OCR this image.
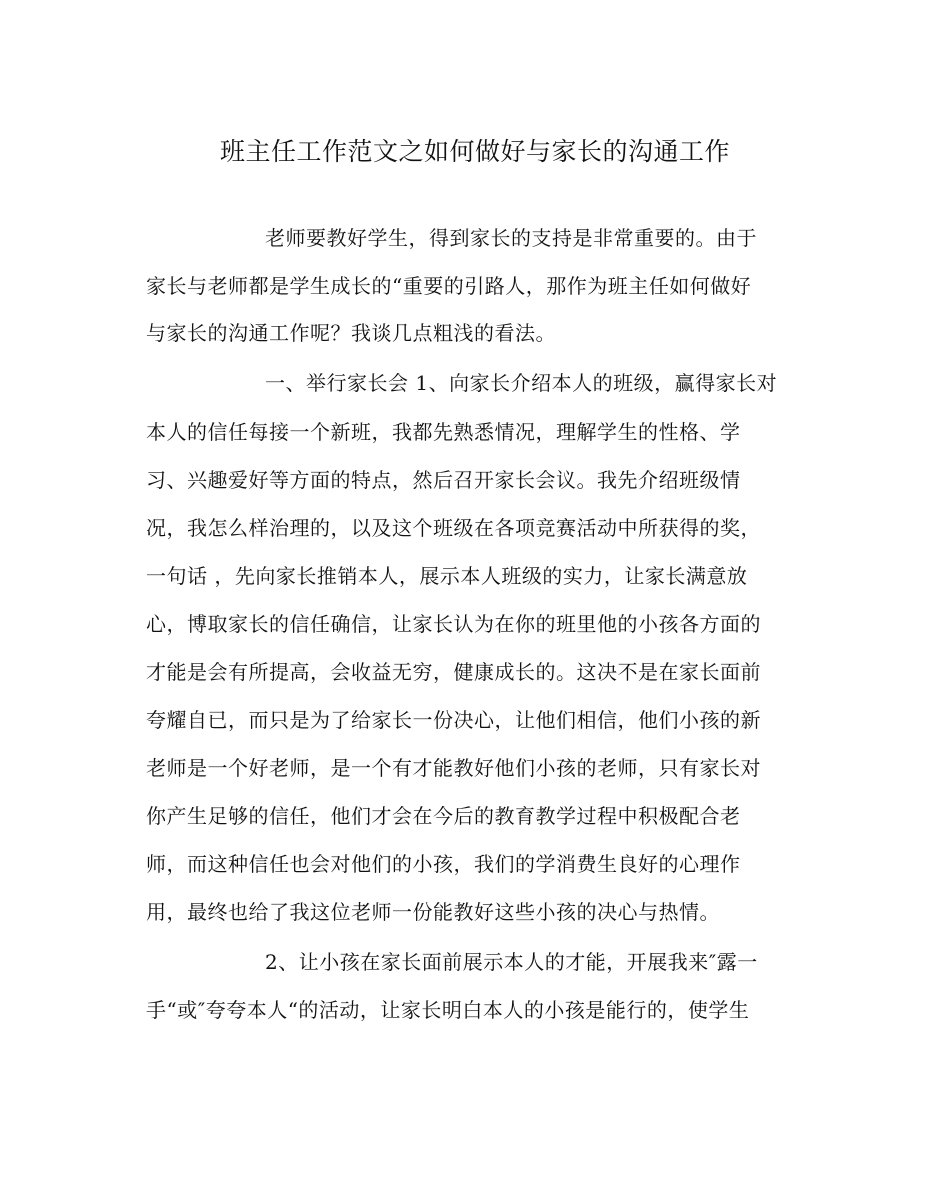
班主任工作范文之如何做好与家长的沟通工作
老师要教好学生，得到家长的支持是非常重要的。由于
家长与老师都是学生成长的“重要的引路人，那作为班主任如何做好
与家长的沟通工作呢？我谈几点粗浅的看法。
一、举行家长会 1、向家长介绍本人的班级，赢得家长对
本人的信任每接一个新班，我都先熟悉情况，理解学生的性格、学
习、兴趣爱好等方面的特点，然后召开家长会议。我先介绍班级情
况，我怎么样治理的，以及这个班级在各项竞赛活动中所获得的奖，
一句话 ，先向家长推销本人，展示本人班级的实力，让家长满意放
心，博取家长的信任确信，让家长认为在你的班里他的小孩各方面的
才能是会有所提高，会收益无穷，健康成长的。这决不是在家长面前
夸耀自已，而只是为了给家长一份决心，让他们相信，他们小孩的新
老师是一个好老师，是一个有才能教好他们小孩的老师，只有家长对
你产生足够的信任，他们才会在今后的教育教学过程中积极配合老
师，而这种信任也会对他们的小孩，我们的学消费生良好的心理作
用，最终也给了我这位老师一份能教好这些小孩的决心与热情。
2、让小孩在家长面前展示本人的才能，开展我来″露一
手“或″夸夸本人“的活动，让家长明白本人的小孩是能行的，使学生
